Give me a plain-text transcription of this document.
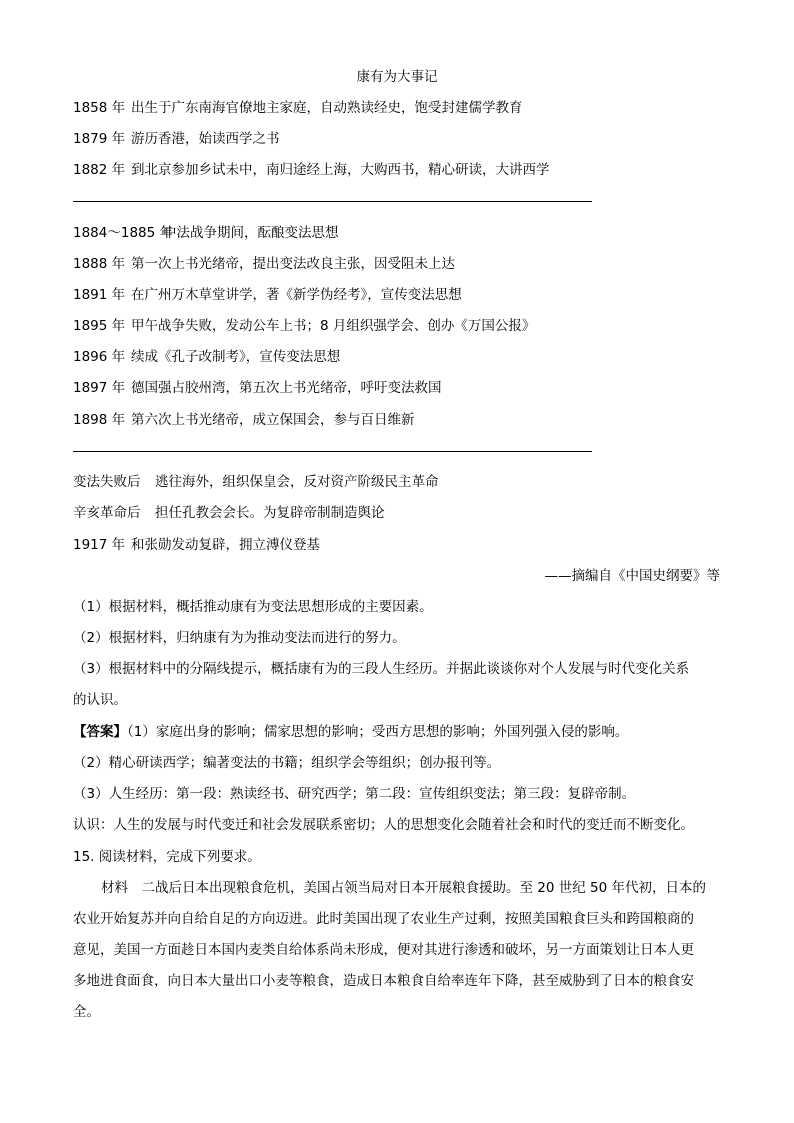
康有为大事记
1858 年 出生于广东南海官僚地主家庭，自动熟读经史，饱受封建儒学教育
1879 年 游历香港，始读西学之书
1882 年 到北京参加乡试未中，南归途经上海，大购西书，精心研读，大讲西学
1884～1885 年中法战争期间，酝酿变法思想
1888 年 第一次上书光绪帝，提出变法改良主张，因受阻未上达
1891 年 在广州万木草堂讲学，著《新学伪经考》，宣传变法思想
1895 年 甲午战争失败，发动公车上书；8 月组织强学会、创办《万国公报》
1896 年 续成《孔子改制考》，宣传变法思想
1897 年 德国强占胶州湾，第五次上书光绪帝，呼吁变法救国
1898 年 第六次上书光绪帝，成立保国会，参与百日维新
变法失败后 逃往海外，组织保皇会，反对资产阶级民主革命
辛亥革命后 担任孔教会会长。为复辟帝制制造舆论
1917 年 和张勋发动复辟，拥立溥仪登基
——摘编自《中国史纲要》等
（1）根据材料，概括推动康有为变法思想形成的主要因素。
（2）根据材料，归纳康有为为推动变法而进行的努力。
（3）根据材料中的分隔线提示，概括康有为的三段人生经历。并据此谈谈你对个人发展与时代变化关系
的认识。
【答案】（1）家庭出身的影响；儒家思想的影响；受西方思想的影响；外国列强入侵的影响。
（2）精心研读西学；编著变法的书籍；组织学会等组织；创办报刊等。
（3）人生经历：第一段：熟读经书、研究西学；第二段：宣传组织变法；第三段：复辟帝制。
认识：人生的发展与时代变迁和社会发展联系密切；人的思想变化会随着社会和时代的变迁而不断变化。
15. 阅读材料，完成下列要求。
材料　二战后日本出现粮食危机，美国占领当局对日本开展粮食援助。至 20 世纪 50 年代初，日本的
农业开始复苏并向自给自足的方向迈进。此时美国出现了农业生产过剩，按照美国粮食巨头和跨国粮商的
意见，美国一方面趁日本国内麦类自给体系尚未形成，便对其进行渗透和破坏，另一方面策划让日本人更
多地进食面食，向日本大量出口小麦等粮食，造成日本粮食自给率连年下降，甚至威胁到了日本的粮食安
全。
